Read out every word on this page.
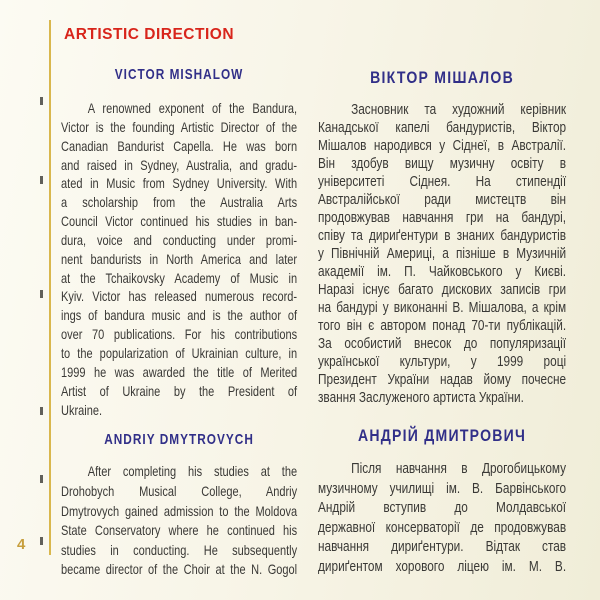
4
ARTISTIC DIRECTION
VICTOR MISHALOW
A renowned exponent of the Bandura,
Victor is the founding Artistic Director of the
Canadian Bandurist Capella. He was born
and raised in Sydney, Australia, and gradu-
ated in Music from Sydney University. With
a scholarship from the Australia Arts
Council Victor continued his studies in ban-
dura, voice and conducting under promi-
nent bandurists in North America and later
at the Tchaikovsky Academy of Music in
Kyiv. Victor has released numerous record-
ings of bandura music and is the author of
over 70 publications. For his contributions
to the popularization of Ukrainian culture, in
1999 he was awarded the title of Merited
Artist of Ukraine by the President of
Ukraine.
ANDRIY DMYTROVYCH
After completing his studies at the
Drohobych Musical College, Andriy
Dmytrovych gained admission to the Moldova
State Conservatory where he continued his
studies in conducting. He subsequently
became director of the Choir at the N. Gogol
ВІКТОР МІШАЛОВ
Засновник та художний керівник
Канадської капелі бандуристів, Віктор
Мішалов народився у Сіднеї, в Австралії.
Він здобув вищу музичну освіту в
університеті Сіднея. На стипендії
Австралійської ради мистецтв він
продовжував навчання гри на бандурі,
співу та дириґентури в знаних бандуристів
у Північній Америці, а пізніше в Музичній
академії ім. П. Чайковського у Києві.
Наразі існує багато дискових записів гри
на бандурі у виконанні В. Мішалова, а крім
того він є автором понад 70-ти публікацій.
За особистий внесок до популяризації
української культури, у 1999 році
Президент України надав йому почесне
звання Заслуженого артиста України.
АНДРІЙ ДМИТРОВИЧ
Після навчання в Дрогобицькому
музичному училищі ім. В. Барвінського
Андрій вступив до Молдавської
державної консерваторії де продовжував
навчання дириґентури. Відтак став
дириґентом хорового ліцею ім. М. В.
